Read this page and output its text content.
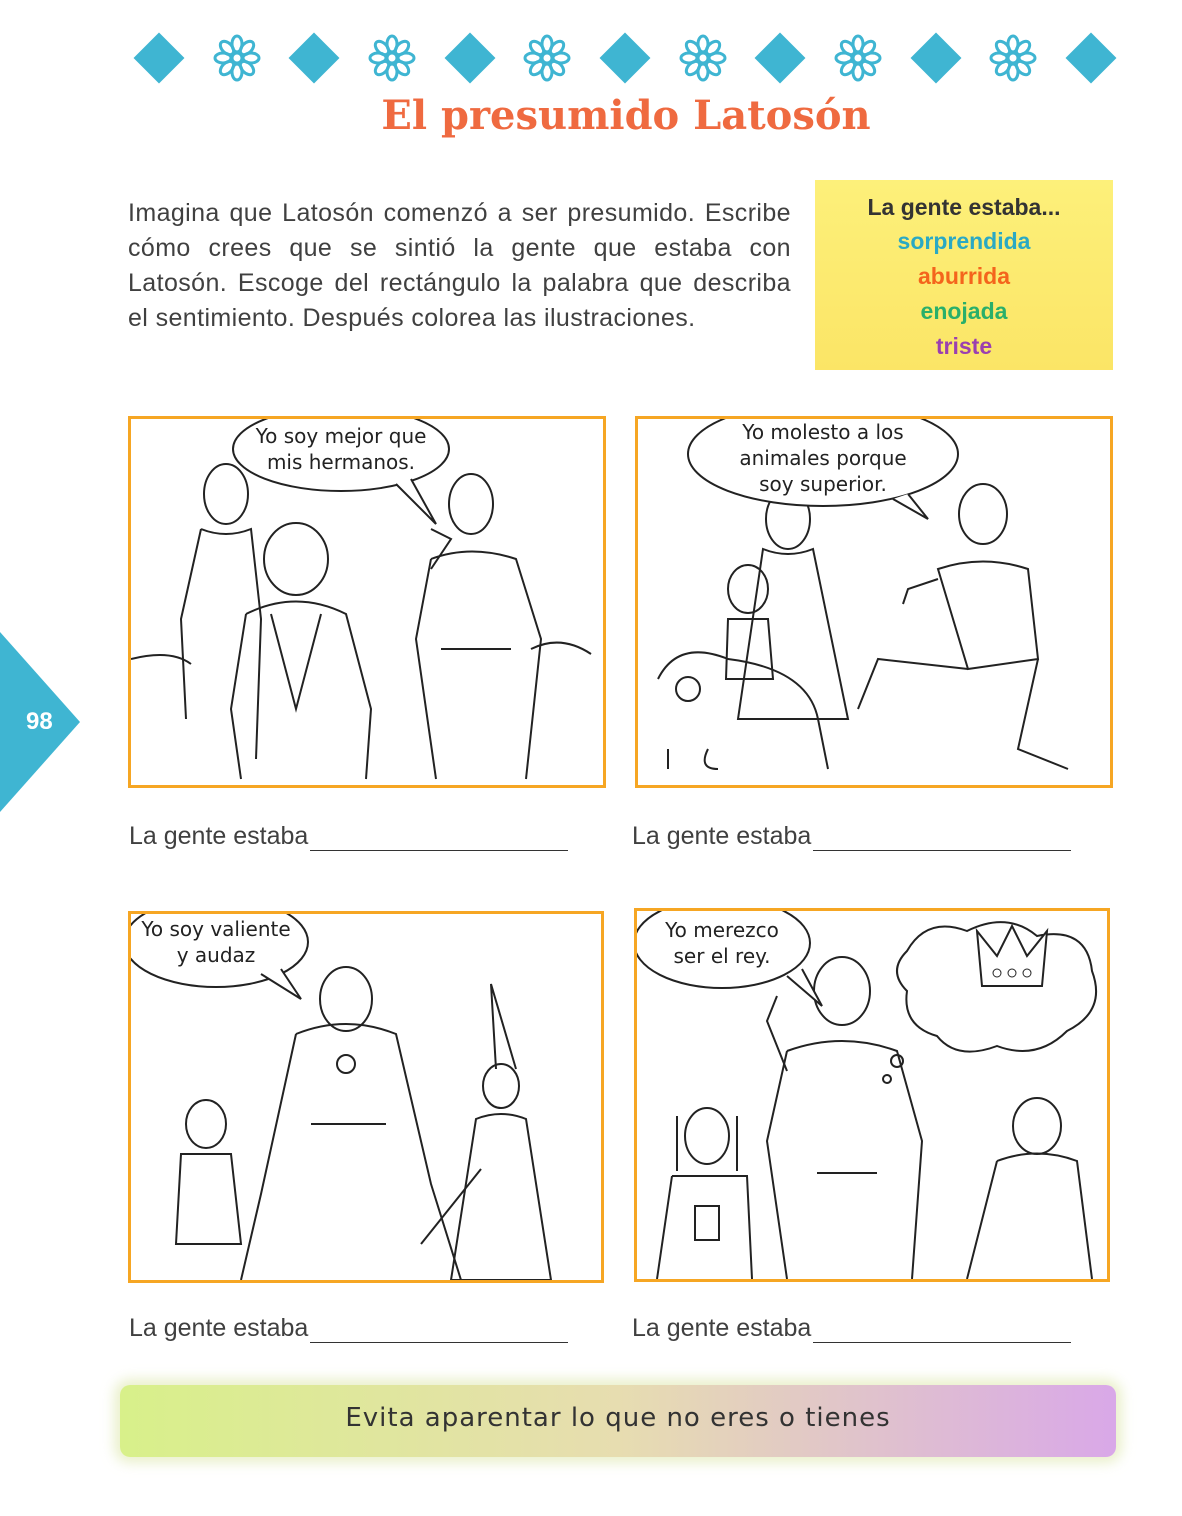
El presumido Latosón

Imagina que Latosón comenzó a ser presumido. Escribe cómo crees que se sintió la gente que estaba con Latosón. Escoge del rectángulo la palabra que describa el sentimiento. Después colorea las ilustraciones.

La gente estaba...
sorprendida
aburrida
enojada
triste
98
Yo soy mejor que
mis hermanos.
Yo molesto a los
animales porque
soy superior.
La gente estaba	La gente estaba
Yo soy valiente
y audaz
Yo merezco
ser el rey.
La gente estaba	La gente estaba
Evita aparentar lo que no eres o tienes
